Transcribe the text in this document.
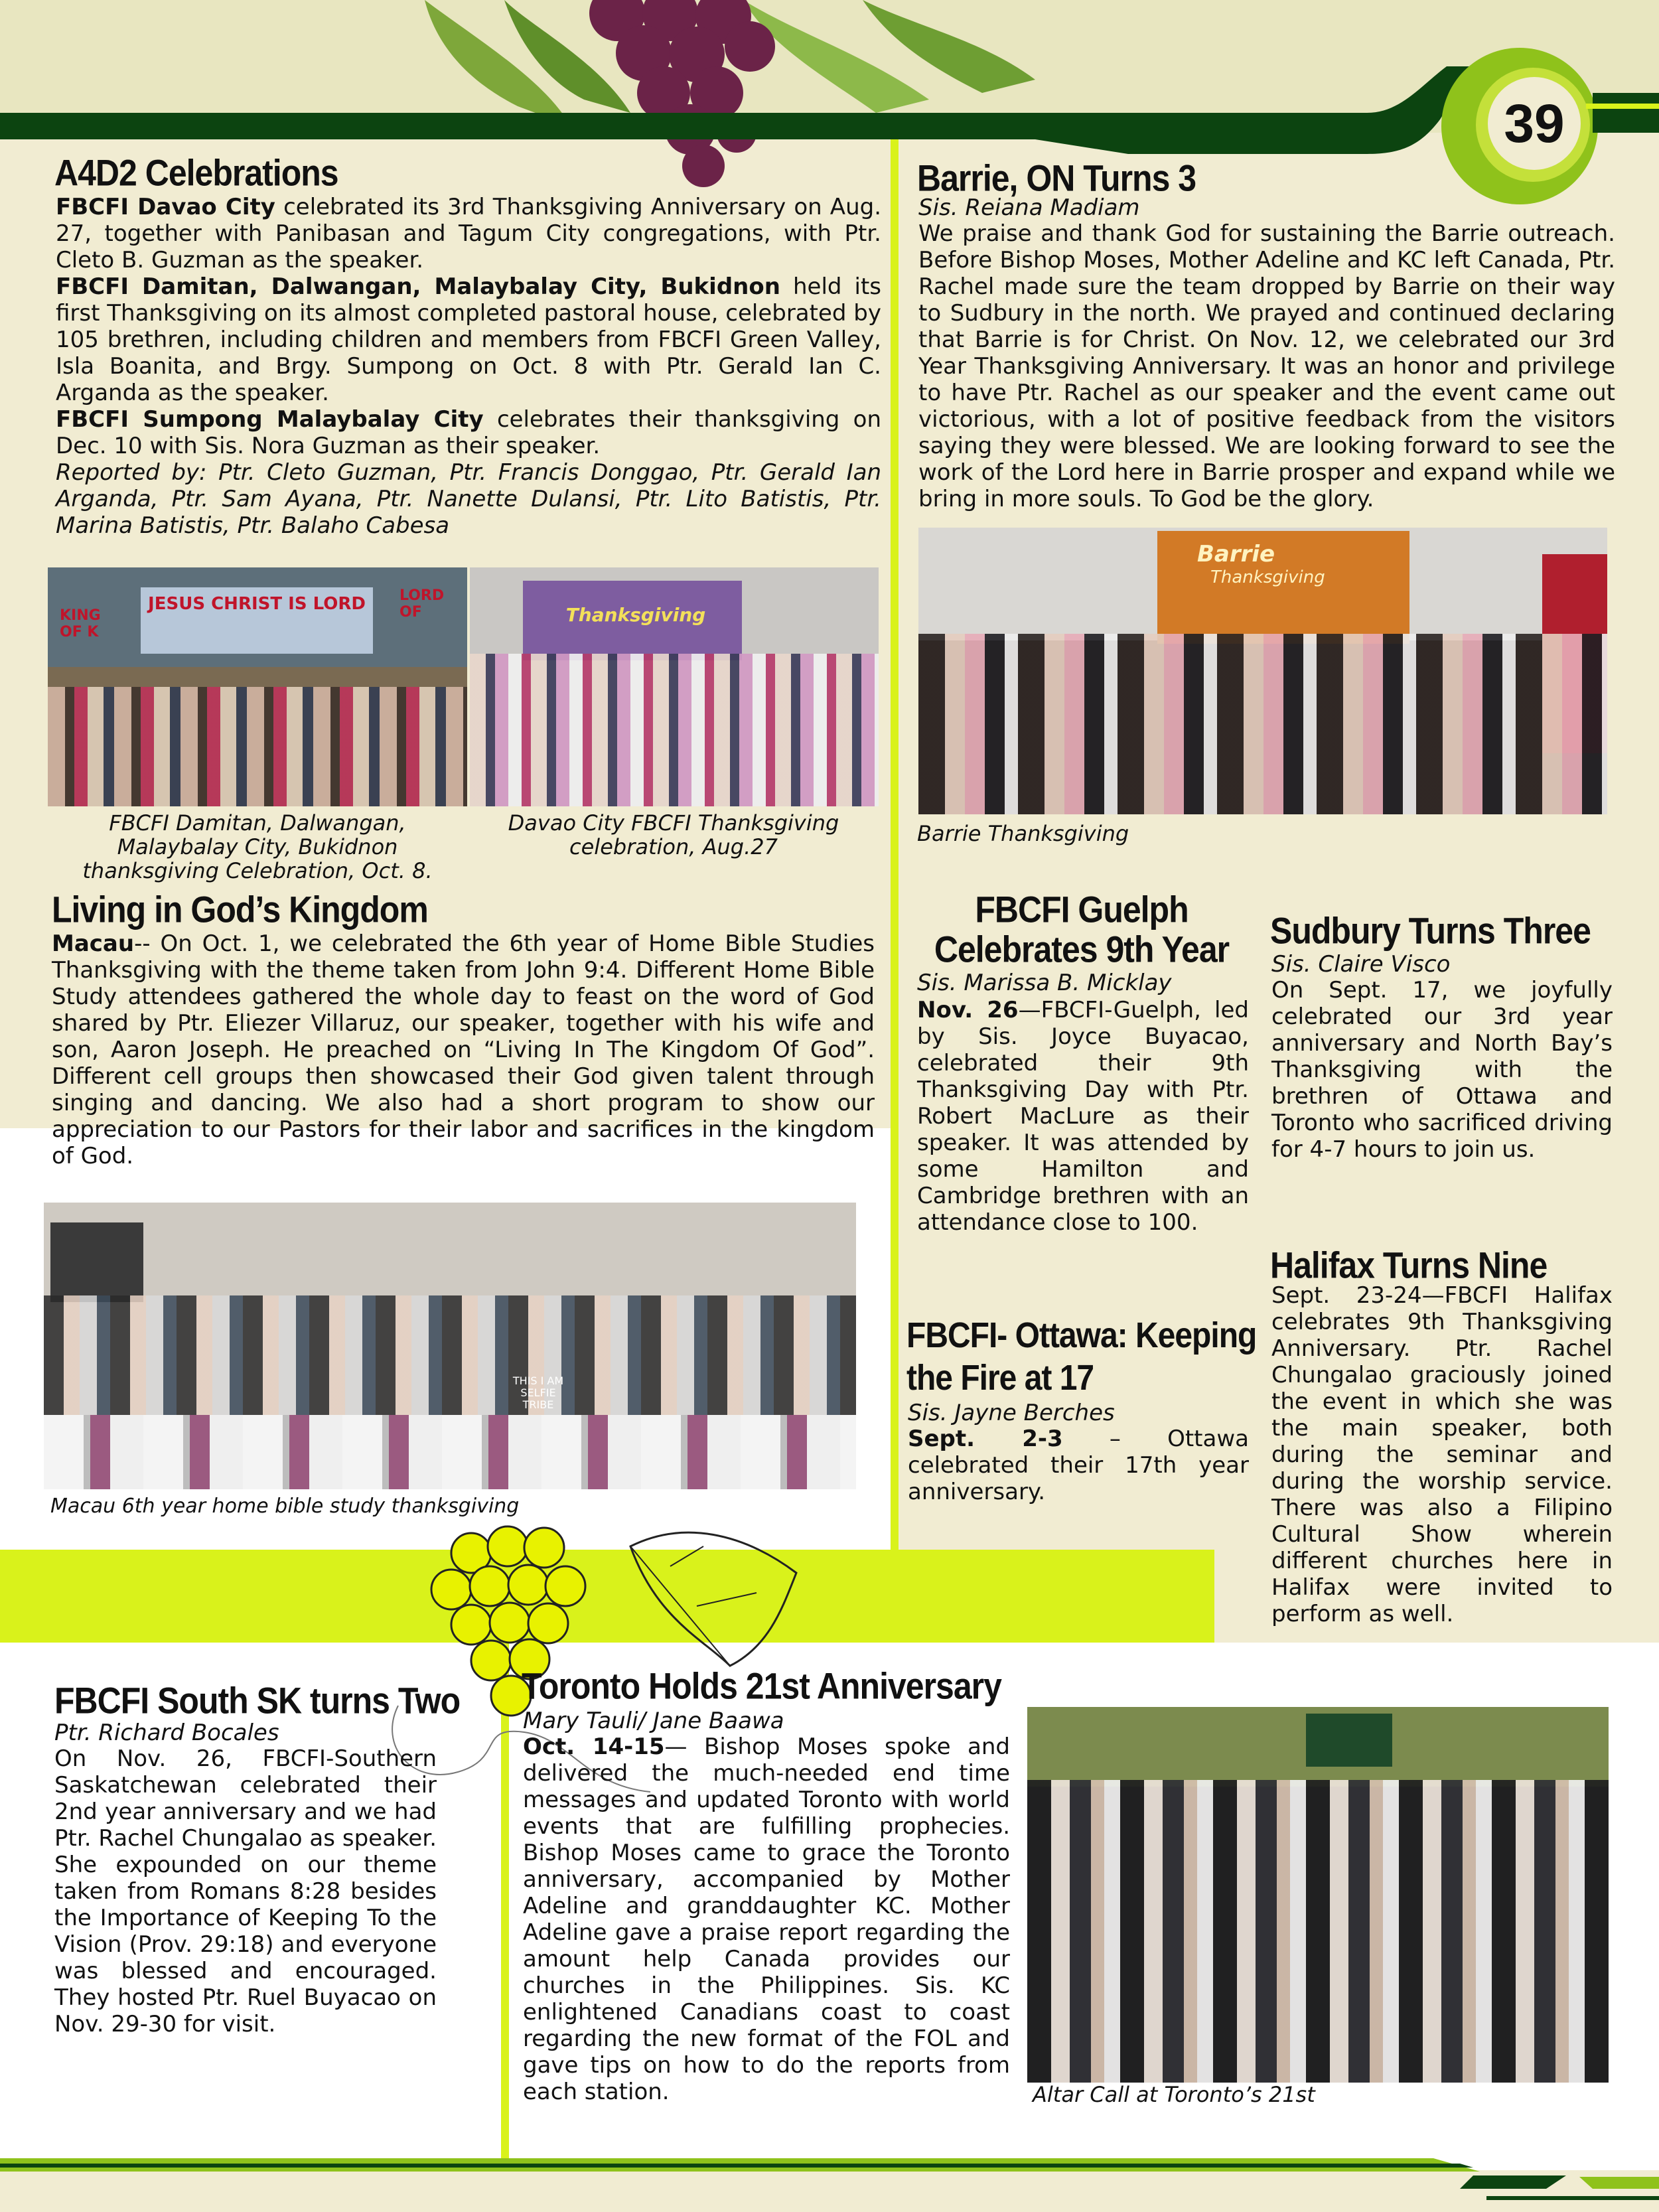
39
A4D2 Celebrations

FBCFI Davao City celebrated its 3rd Thanksgiving Anniversary on Aug. 27, together with Panibasan and Tagum City congregations, with Ptr. Cleto B. Guzman as the speaker.

FBCFI Damitan, Dalwangan, Malaybalay City, Bukidnon held its first Thanksgiving on its almost completed pastoral house, celebrated by 105 brethren, including children and members from FBCFI Green Valley, Isla Boanita, and Brgy. Sumpong on Oct. 8 with Ptr. Gerald Ian C. Arganda as the speaker.

FBCFI Sumpong Malaybalay City celebrates their thanksgiving on Dec. 10 with Sis. Nora Guzman as their speaker.

Reported by: Ptr. Cleto Guzman, Ptr. Francis Donggao, Ptr. Gerald Ian Arganda, Ptr. Sam Ayana, Ptr. Nanette Dulansi, Ptr. Lito Batistis, Ptr. Marina Batistis, Ptr. Balaho Cabesa

JESUS CHRIST IS LORD
KING OF K
LORD OF	Thanksgiving
FBCFI Damitan, Dalwangan, Malaybalay City, Bukidnon thanksgiving Celebration, Oct. 8.
Davao City FBCFI Thanksgiving celebration, Aug.27
Barrie, ON Turns 3
Sis. Reiana Madiam
We praise and thank God for sustaining the Barrie outreach. Before Bishop Moses, Mother Adeline and KC left Canada, Ptr. Rachel made sure the team dropped by Barrie on their way to Sudbury in the north. We prayed and continued declaring that Barrie is for Christ. On Nov. 12, we celebrated our 3rd Year Thanksgiving Anniversary. It was an honor and privilege to have Ptr. Rachel as our speaker and the event came out victorious, with a lot of positive feedback from the visitors saying they were blessed. We are looking forward to see the work of the Lord here in Barrie prosper and expand while we bring in more souls. To God be the glory.
Barrie
Thanksgiving
Barrie Thanksgiving
Living in God’s Kingdom
Macau-- On Oct. 1, we celebrated the 6th year of Home Bible Studies Thanksgiving with the theme taken from John 9:4. Different Home Bible Study attendees gathered the whole day to feast on the word of God shared by Ptr. Eliezer Villaruz, our speaker, together with his wife and son, Aaron Joseph. He preached on “Living In The Kingdom Of God”. Different cell groups then showcased their God given talent through singing and dancing. We also had a short program to show our appreciation to our Pastors for their labor and sacrifices in the kingdom of God.
THIS I AM SELFIE TRIBE
Macau 6th year home bible study thanksgiving
FBCFI Guelph
Celebrates 9th Year
Sis. Marissa B. Micklay
Nov. 26—FBCFI-Guelph, led by Sis. Joyce Buyacao, celebrated their 9th Thanksgiving Day with Ptr. Robert MacLure as their speaker. It was attended by some Hamilton and Cambridge brethren with an attendance close to 100.
Sudbury Turns Three
Sis. Claire Visco
On Sept. 17, we joyfully celebrated our 3rd year anniversary and North Bay’s Thanksgiving with the brethren of Ottawa and Toronto who sacrificed driving for 4-7 hours to join us.
Halifax Turns Nine
Sept. 23-24—FBCFI Halifax celebrates 9th Thanksgiving Anniversary. Ptr. Rachel Chungalao graciously joined the event in which she was the main speaker, both during the seminar and during the worship service. There was also a Filipino Cultural Show wherein different churches here in Halifax were invited to perform as well.
FBCFI- Ottawa: Keeping
the Fire at 17
Sis. Jayne Berches
Sept. 2-3 – Ottawa celebrated their 17th year anniversary.
FBCFI South SK turns Two
Ptr. Richard Bocales
On Nov. 26, FBCFI-Southern Saskatchewan celebrated their 2nd year anniversary and we had Ptr. Rachel Chungalao as speaker. She expounded on our theme taken from Romans 8:28 besides the Importance of Keeping To the Vision (Prov. 29:18) and everyone was blessed and encouraged. They hosted Ptr. Ruel Buyacao on Nov. 29-30 for visit.
Toronto Holds 21st Anniversary
Mary Tauli/ Jane Baawa
Oct. 14-15— Bishop Moses spoke and delivered the much-needed end time messages and updated Toronto with world events that are fulfilling prophecies. Bishop Moses came to grace the Toronto anniversary, accompanied by Mother Adeline and granddaughter KC. Mother Adeline gave a praise report regarding the amount help Canada provides our churches in the Philippines. Sis. KC enlightened Canadians coast to coast regarding the new format of the FOL and gave tips on how to do the reports from each station.	Altar Call at Toronto’s 21st
